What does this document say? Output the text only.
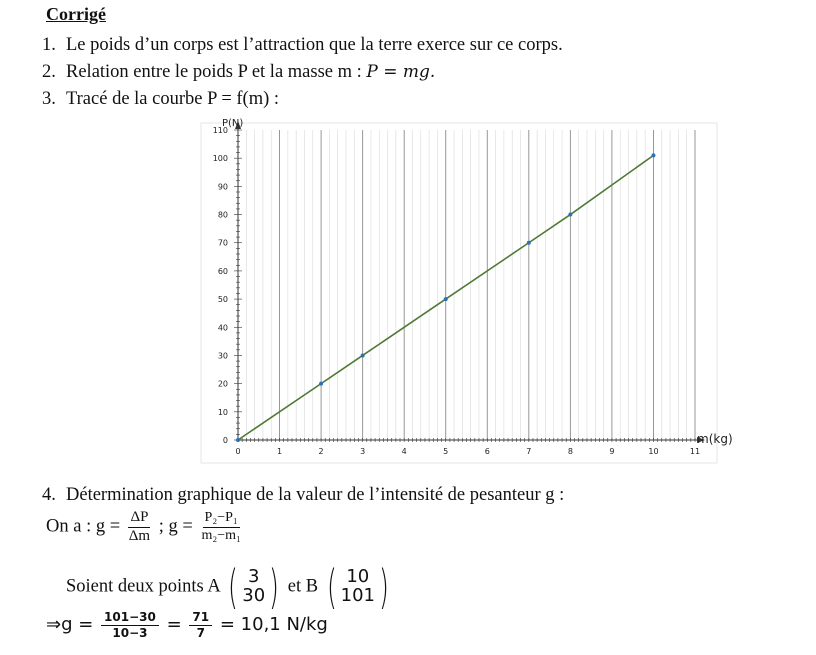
Corrigé
1. Le poids d’un corps est l’attraction que la terre exerce sur ce corps.
2. Relation entre le poids P et la masse m : P = mg.
3. Tracé de la courbe P = f(m) :
0	1	2	3	4	5	6	7	8	9	10	11
0
10
20
30
40
50
60
70
80
90
100
110
P(N)
m(kg)
4. Détermination graphique de la valeur de l’intensité de pesanteur g :
On a : $g = \frac{\Delta P}{\Delta m}$ ; $g = \frac{\text{P₂−P₁}}{\text{m₂−m₁}}$
Soient deux points A ( 3
30 ) et B ( 10
101 )
⇒g = $\frac{101-30}{10-3} = \frac{71}{7} = 10,1$ N/kg
